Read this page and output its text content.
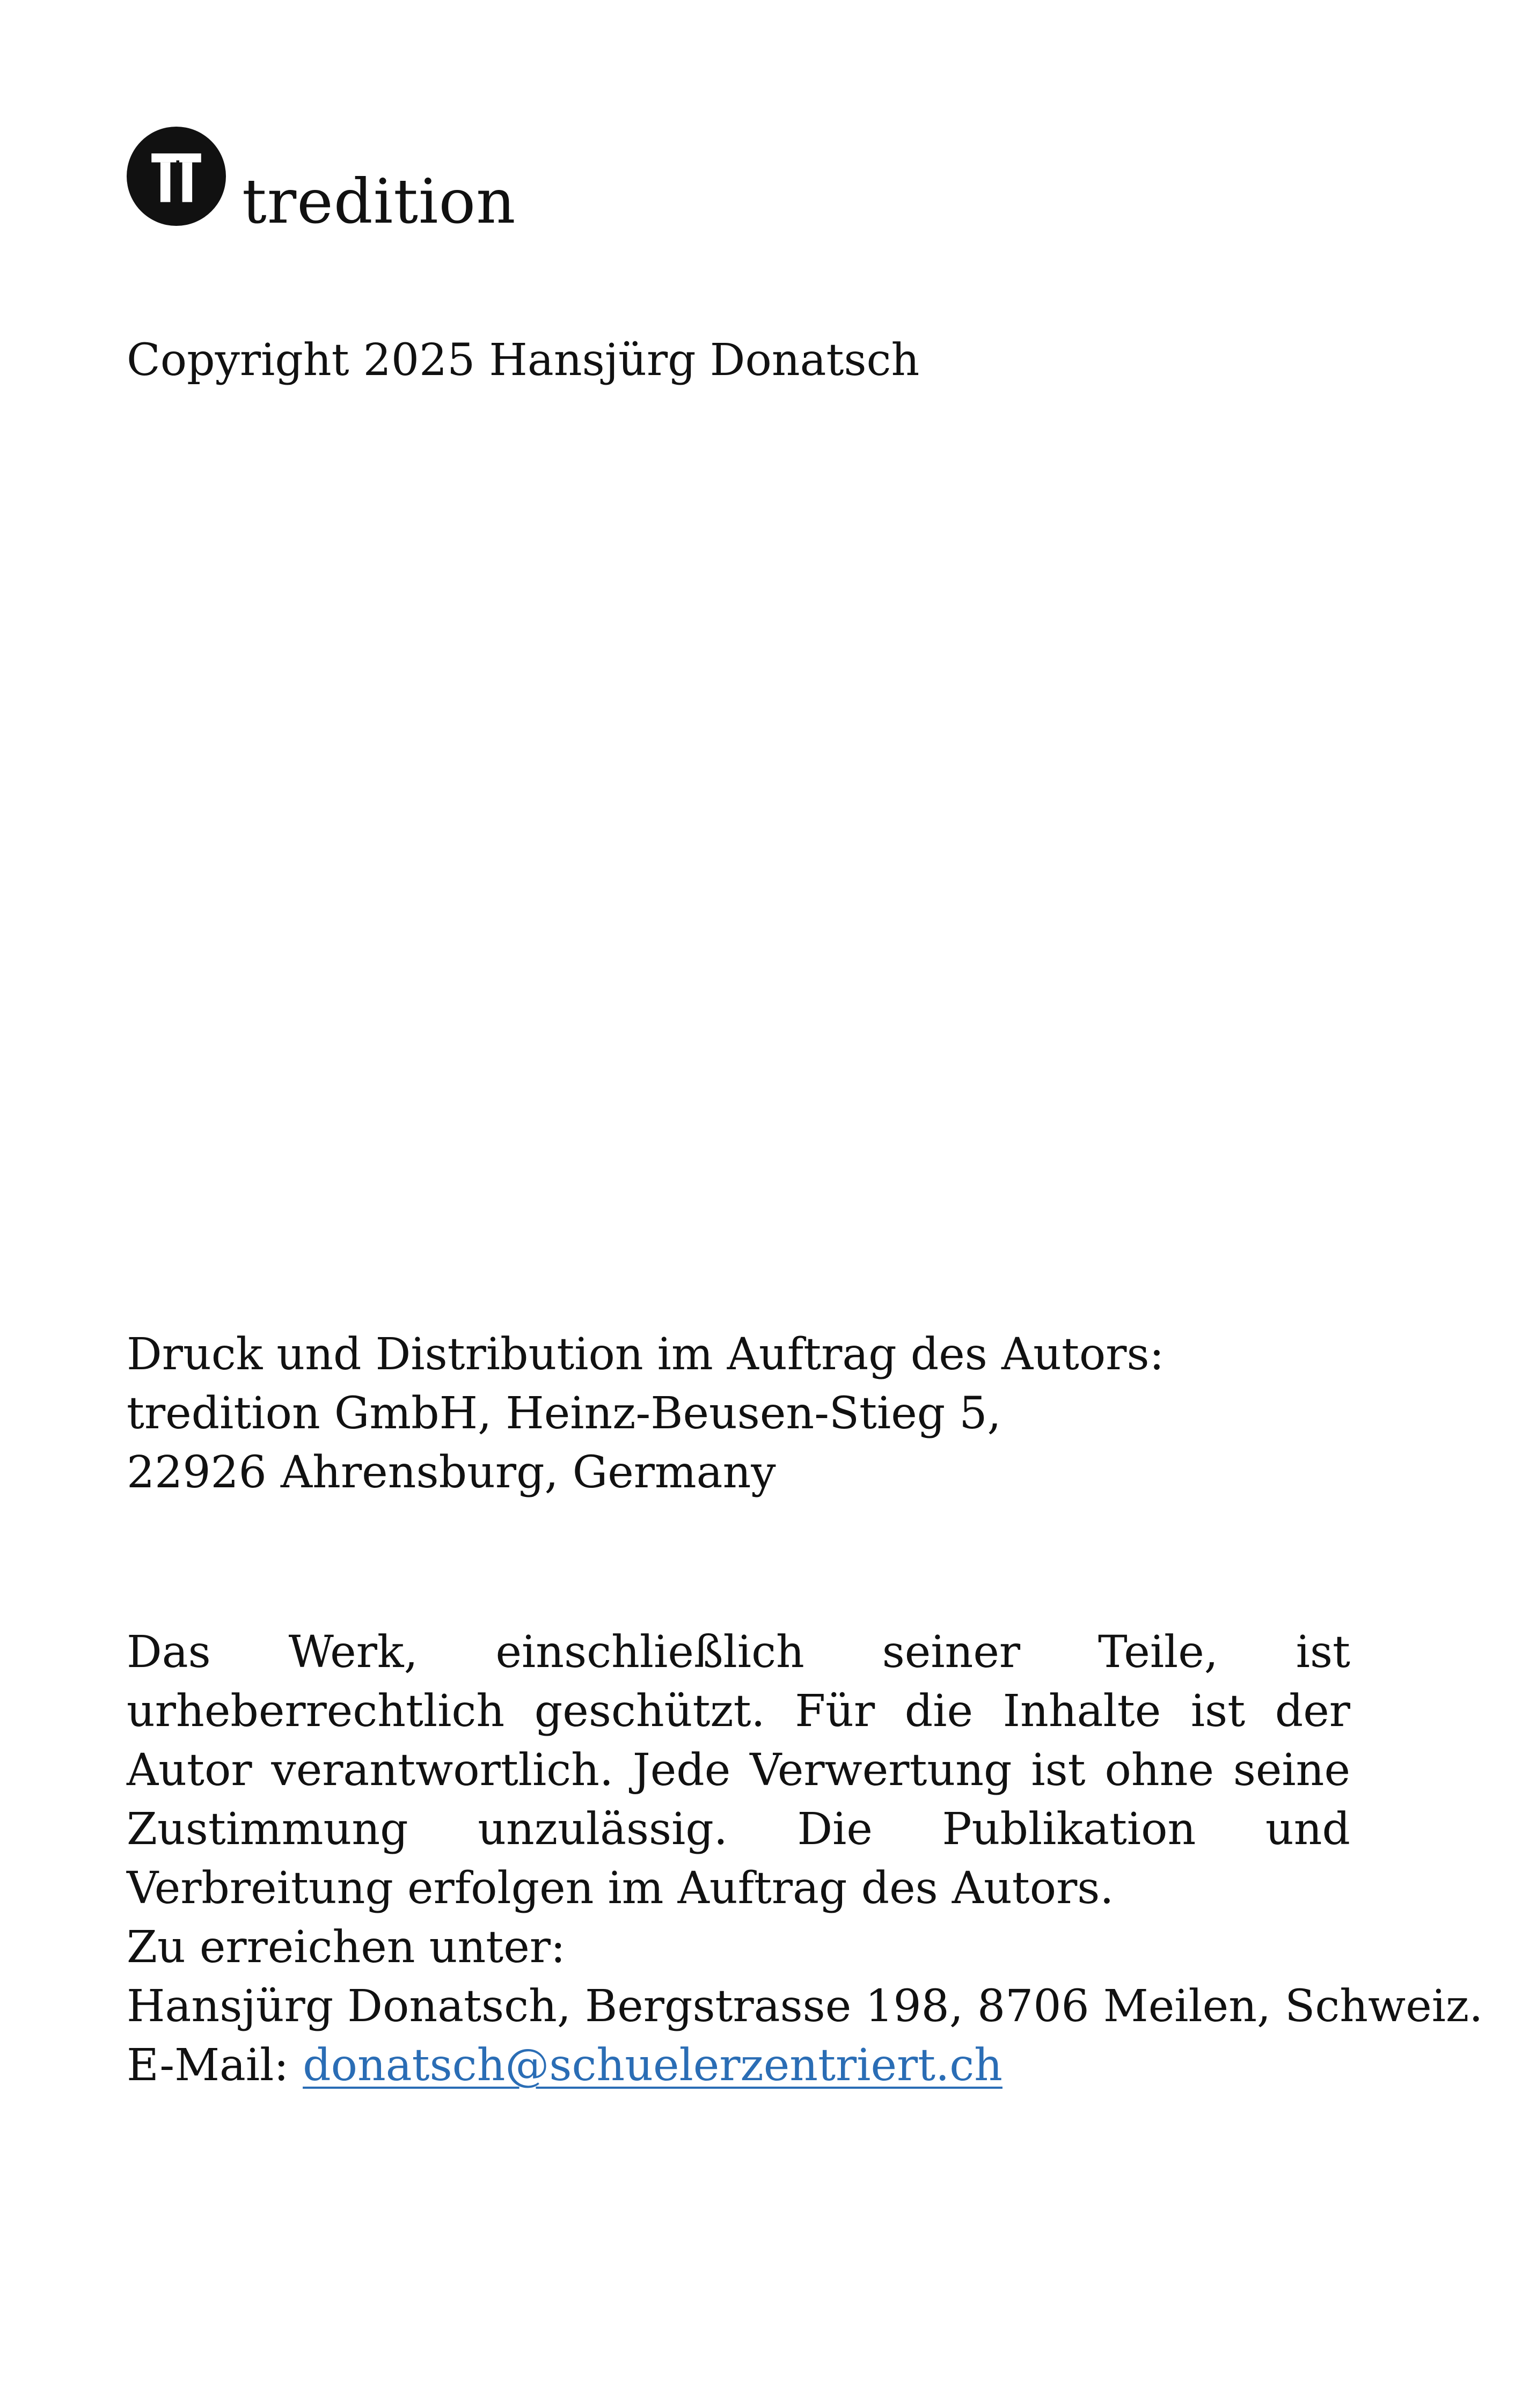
tredition

Copyright 2025 Hansjürg Donatsch

Druck und Distribution im Auftrag des Autors:
tredition GmbH, Heinz-Beusen-Stieg 5,
22926 Ahrensburg, Germany
Das Werk, einschließlich seiner Teile, ist urheberrechtlich geschützt. Für die Inhalte ist der Autor verantwortlich. Jede Verwertung ist ohne seine Zustimmung unzulässig. Die Publikation und Verbreitung erfolgen im Auftrag des Autors.
Zu erreichen unter:
Hansjürg Donatsch, Bergstrasse 198, 8706 Meilen, Schweiz.
E-Mail: donatsch@schuelerzentriert.ch
